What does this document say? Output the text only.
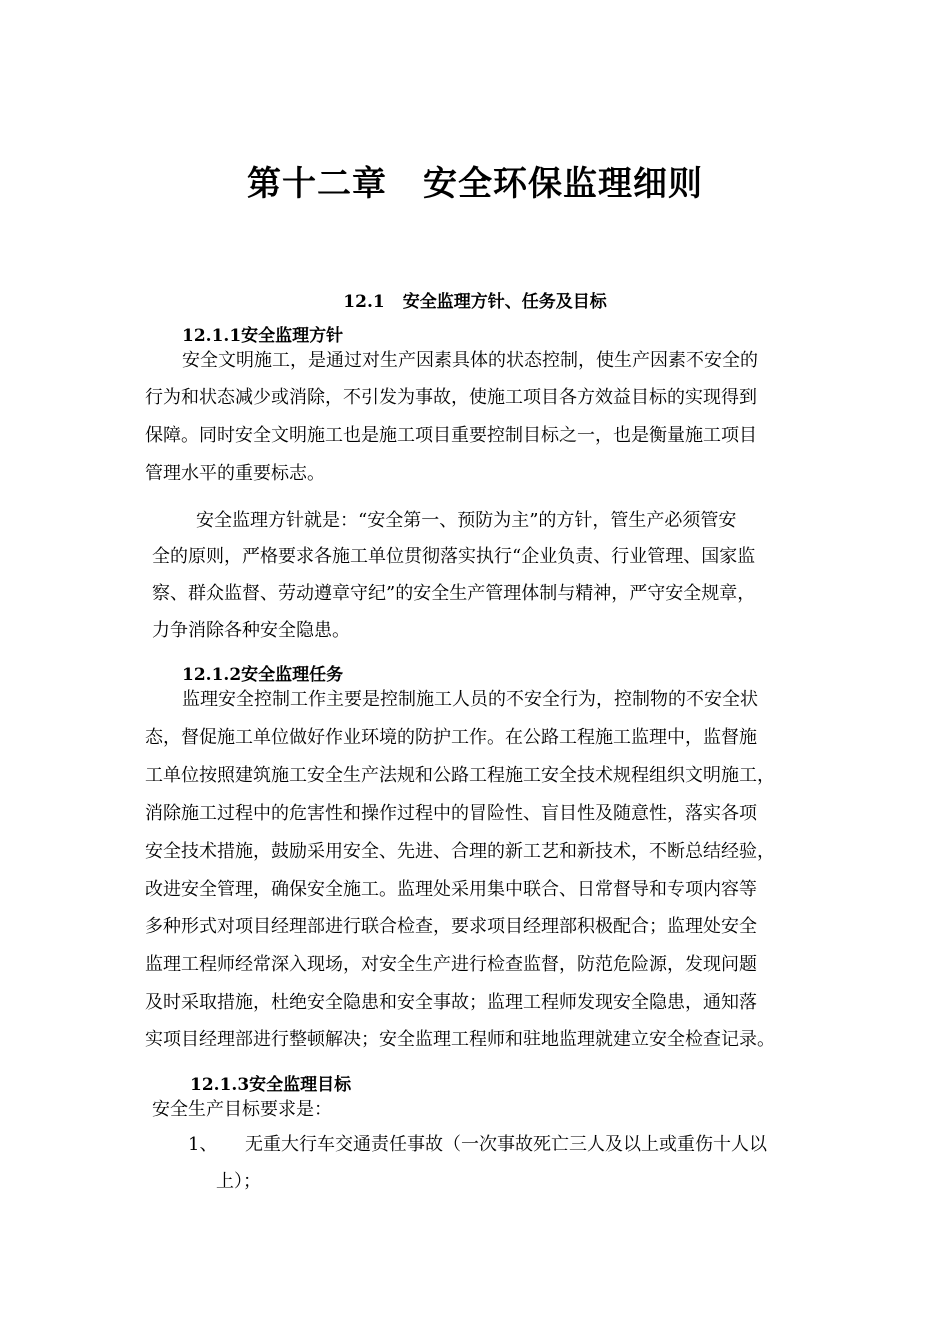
第十二章 安全环保监理细则
12.1 安全监理方针、任务及目标
12.1.1安全监理方针
安全文明施工，是通过对生产因素具体的状态控制，使生产因素不安全的
行为和状态减少或消除，不引发为事故，使施工项目各方效益目标的实现得到
保障。同时安全文明施工也是施工项目重要控制目标之一，也是衡量施工项目
管理水平的重要标志。
安全监理方针就是：“安全第一、预防为主”的方针，管生产必须管安
全的原则，严格要求各施工单位贯彻落实执行“企业负责、行业管理、国家监
察、群众监督、劳动遵章守纪”的安全生产管理体制与精神，严守安全规章，
力争消除各种安全隐患。
12.1.2安全监理任务
监理安全控制工作主要是控制施工人员的不安全行为，控制物的不安全状
态，督促施工单位做好作业环境的防护工作。在公路工程施工监理中，监督施
工单位按照建筑施工安全生产法规和公路工程施工安全技术规程组织文明施工，
消除施工过程中的危害性和操作过程中的冒险性、盲目性及随意性，落实各项
安全技术措施，鼓励采用安全、先进、合理的新工艺和新技术，不断总结经验，
改进安全管理，确保安全施工。监理处采用集中联合、日常督导和专项内容等
多种形式对项目经理部进行联合检查，要求项目经理部积极配合；监理处安全
监理工程师经常深入现场，对安全生产进行检查监督，防范危险源，发现问题
及时采取措施，杜绝安全隐患和安全事故；监理工程师发现安全隐患，通知落
实项目经理部进行整顿解决；安全监理工程师和驻地监理就建立安全检查记录。
12.1.3安全监理目标
安全生产目标要求是：
1、 无重大行车交通责任事故（一次事故死亡三人及以上或重伤十人以
上）；
